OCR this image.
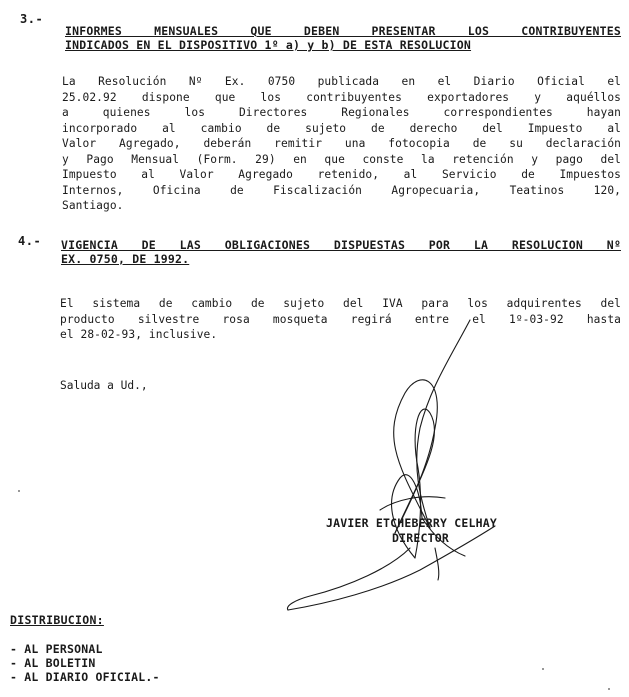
3.-
INFORMES MENSUALES QUE DEBEN PRESENTAR LOS CONTRIBUYENTES
INDICADOS EN EL DISPOSITIVO 1º a) y b) DE ESTA RESOLUCION
La Resolución Nº Ex. 0750 publicada en el Diario Oficial el
25.02.92 dispone que los contribuyentes exportadores y aquéllos
a quienes los Directores Regionales correspondientes hayan
incorporado al cambio de sujeto de derecho del Impuesto al
Valor Agregado, deberán remitir una fotocopia de su declaración
y Pago Mensual (Form. 29) en que conste la retención y pago del
Impuesto al Valor Agregado retenido, al Servicio de Impuestos
Internos, Oficina de Fiscalización Agropecuaria, Teatinos 120,
Santiago.
4.- VIGENCIA DE LAS OBLIGACIONES DISPUESTAS POR LA RESOLUCION Nº
EX. 0750, DE 1992.
El sistema de cambio de sujeto del IVA para los adquirentes del
producto silvestre rosa mosqueta regirá entre el 1º-03-92 hasta
el 28-02-93, inclusive.
Saluda a Ud.,
JAVIER ETCHEBERRY CELHAY
DIRECTOR
DISTRIBUCION:
- AL PERSONAL
- AL BOLETIN
- AL DIARIO OFICIAL.-
